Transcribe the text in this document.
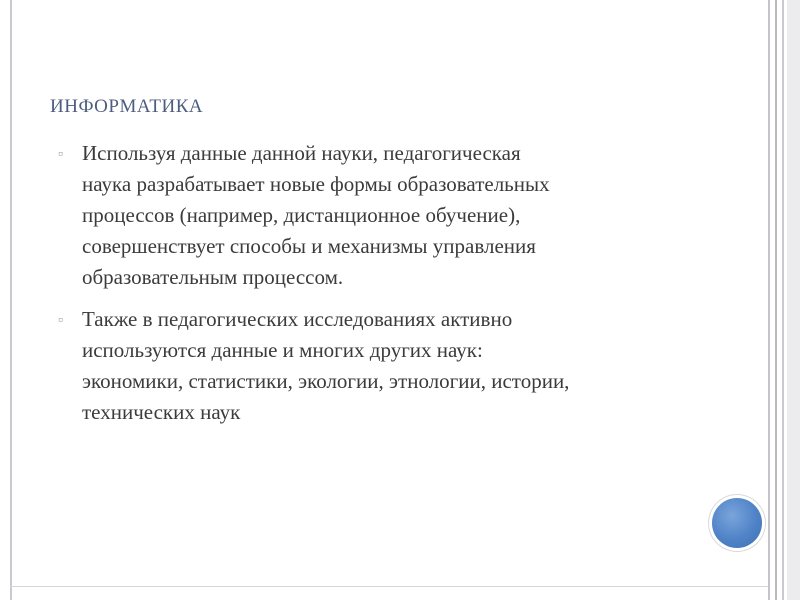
ИНФОРМАТИКА
▫ Используя данные данной науки, педагогическая
наука разрабатывает новые формы образовательных
процессов (например, дистанционное обучение),
совершенствует способы и механизмы управления
образовательным процессом.
▫ Также в педагогических исследованиях активно
используются данные и многих других наук:
экономики, статистики, экологии, этнологии, истории,
технических наук
